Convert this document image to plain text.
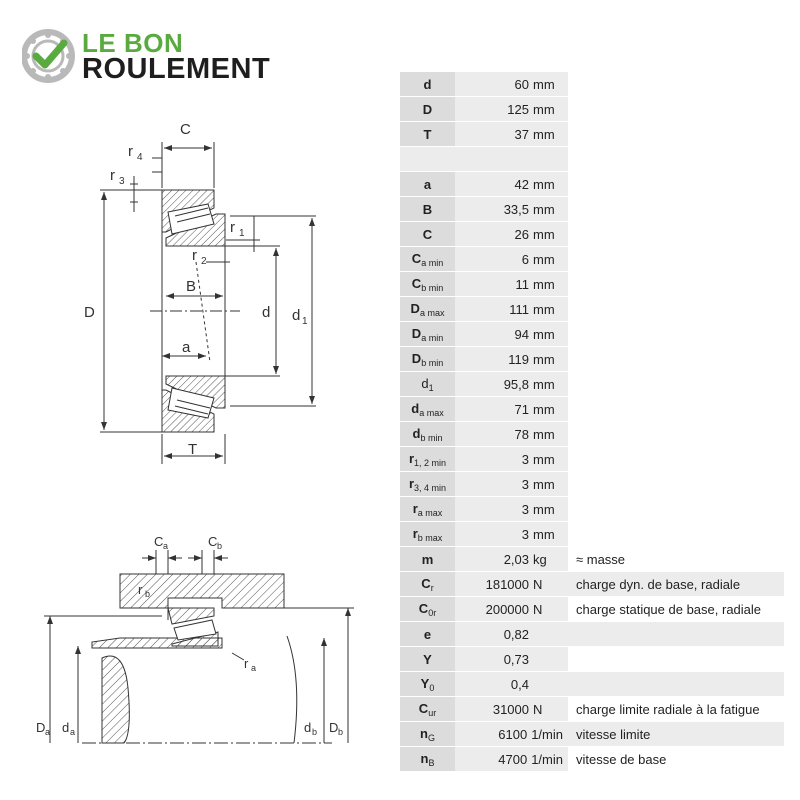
LE BON
ROULEMENT
C
r 4
r 3
r 1
r 2
B
D	d d 1
a
T
C a	C b
r b
r a
D a d a	d b D b
d	60 mm	
D	125 mm	
T	37 mm	

a	42 mm	
B	33,5 mm	
C	26 mm	
$C_{a min}$	6 mm	
$C_{b min}$	11 mm	
$D_{a max}$	111 mm	
$D_{a min}$	94 mm	
$D_{b min}$	119 mm	
$d_1$	95,8 mm	
$d_{a max}$	71 mm	
$d_{b min}$	78 mm	
$r_{1, 2 min}$	3 mm	
$r_{3, 4 min}$	3 mm	
$r_{a max}$	3 mm	
$r_{b max}$	3 mm	
m	2,03 kg	≈ masse
$C_r$	181000 N	charge dyn. de base, radiale
$C_{0r}$	200000 N	charge statique de base, radiale
e	0,82	
Y	0,73	
$Y_0$	0,4	
$C_{ur}$	31000 N	charge limite radiale à la fatigue
$n_G$	6100 1/min	vitesse limite
$n_B$	4700 1/min	vitesse de base
